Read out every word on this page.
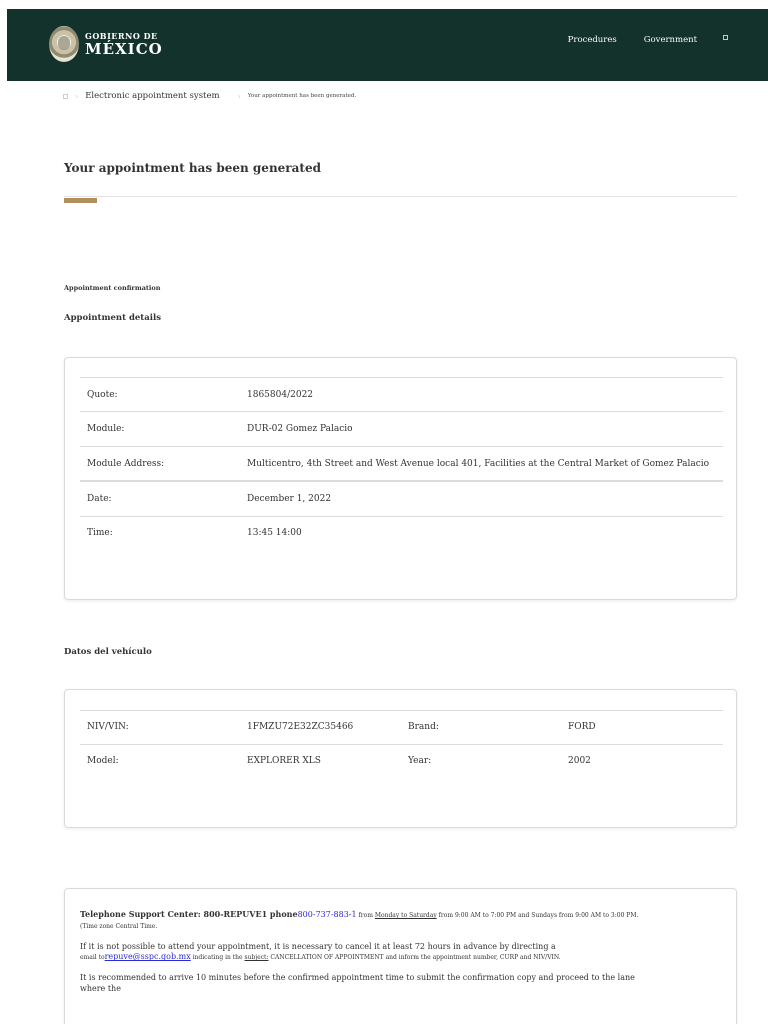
GOBIERNO DE
MÉXICO	Procedures	Government
› Electronic appointment system › Your appointment has been generated.
Your appointment has been generated
Appointment confirmation
Appointment details
Quote:	1865804/2022
Module:	DUR-02 Gomez Palacio
Module Address:	Multicentro, 4th Street and West Avenue local 401, Facilities at the Central Market of Gomez Palacio
Date:	December 1, 2022
Time:	13:45 14:00
Datos del vehículo
NIV/VIN:	1FMZU72E32ZC35466	Brand:	FORD
Model:	EXPLORER XLS	Year:	2002

Telephone Support Center: 800-REPUVE1 phone800-737-883-1 from Monday to Saturday from 9:00 AM to 7:00 PM and Sundays from 9:00 AM to 3:00 PM. (Time zone Central Time.

If it is not possible to attend your appointment, it is necessary to cancel it at least 72 hours in advance by directing a
email torepuve@sspc.gob.mx indicating in the subject: CANCELLATION OF APPOINTMENT and inform the appointment number, CURP and NIV/VIN.

It is recommended to arrive 10 minutes before the confirmed appointment time to submit the confirmation copy and proceed to the lane where the
